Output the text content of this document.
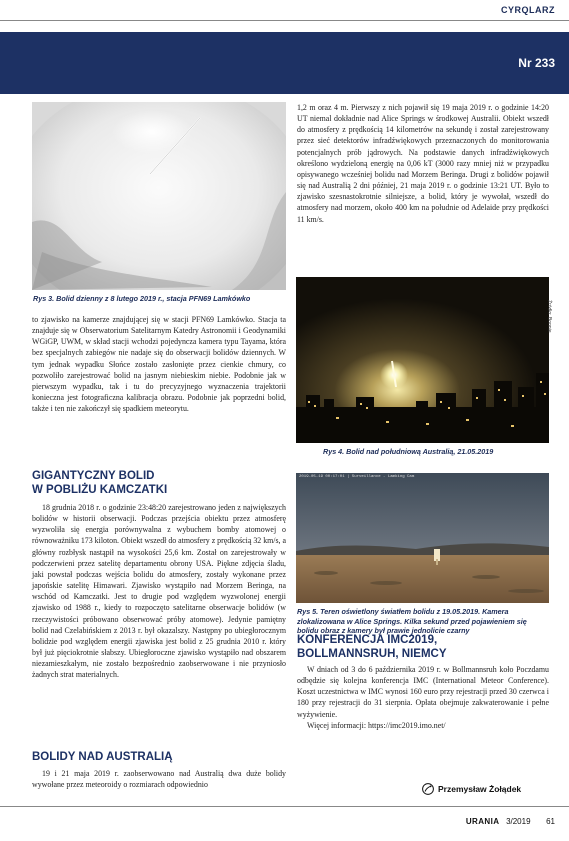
CYRQLARZ
Nr 233

Rys 3. Bolid dzienny z 8 lutego 2019 r., stacja PFN69 Lamkówko

to zjawisko na kamerze znajdującej się w stacji PFN69 Lamkówko. Stacja ta znajduje się w Obserwatorium Satelitarnym Katedry Astronomii i Geodynamiki WGiGP, UWM, w skład stacji wchodzi pojedyncza kamera typu Tayama, która bez specjalnych zabiegów nie nadaje się do obserwacji bolidów dziennych. W tym jednak wypadku Słońce zostało zasłonięte przez cienkie chmury, co pozwoliło zarejestrować bolid na jasnym niebieskim niebie. Podobnie jak w pierwszym wypadku, tak i tu do precyzyjnego wyznaczenia trajektorii konieczna jest fotograficzna kalibracja obrazu. Podobnie jak poprzedni bolid, także i ten nie zakończył się spadkiem meteorytu.

GIGANTYCZNY BOLID
W POBLIŻU KAMCZATKI

18 grudnia 2018 r. o godzinie 23:48:20 zarejestrowano jeden z największych bolidów w historii obserwacji. Podczas przejścia obiektu przez atmosferę wyzwoliła się energia porównywalna z wybuchem bomby atomowej o równoważniku 173 kiloton. Obiekt wszedł do atmosfery z prędkością 32 km/s, a główny rozbłysk nastąpił na wysokości 25,6 km. Został on zarejestrowały w podczerwieni przez satelitę departamentu obrony USA. Piękne zdjęcia śladu, jaki powstał podczas wejścia bolidu do atmosfery, zostały wykonane przez japońskie satelitę Himawari. Zjawisko wystąpiło nad Morzem Beringa, na wschód od Kamczatki. Jest to drugie pod względem wyzwolonej energii zjawisko od 1988 r., kiedy to rozpoczęto satelitarne obserwacje bolidów (w rzeczywistości próbowano obserwować próby atomowe). Jedynie pamiętny bolid nad Czelabińskiem z 2013 r. był okazalszy. Następny po ubiegłorocznym bolidzie pod względem energii zjawiska jest bolid z 25 grudnia 2010 r. który był już pięciokrotnie słabszy. Ubiegłoroczne zjawisko wystąpiło nad obszarem niezamieszkałym, nie zostało bezpośrednio zaobserwowane i nie przyniosło żadnych strat materialnych.

BOLIDY NAD AUSTRALIĄ

19 i 21 maja 2019 r. zaobserwowano nad Australią dwa duże bolidy wywołane przez meteoroidy o rozmiarach odpowiednio

1,2 m oraz 4 m. Pierwszy z nich pojawił się 19 maja 2019 r. o godzinie 14:20 UT niemal dokładnie nad Alice Springs w środkowej Australii. Obiekt wszedł do atmosfery z prędkością 14 kilometrów na sekundę i został zarejestrowany przez sieć detektorów infradźwiękowych przeznaczonych do monitorowania potencjalnych prób jądrowych. Na podstawie danych infradźwiękowych określono wydzieloną energię na 0,06 kT (3000 razy mniej niż w przypadku opisywanego wcześniej bolidu nad Morzem Beringa. Drugi z bolidów pojawił się nad Australią 2 dni później, 21 maja 2019 r. o godzinie 13:21 UT. Było to zjawisko szesnastokrotnie silniejsze, a bolid, który je wywołał, wszedł do atmosfery nad morzem, około 400 km na południe od Adelaide przy prędkości 11 km/s.

Źródło: Bonnie

Rys 4. Bolid nad południową Australią, 21.05.2019

2019-05-19 00:17:01 | Surveillance - Lamking Cam

Rys 5. Teren oświetlony światłem bolidu z 19.05.2019. Kamera zlokalizowana w Alice Springs. Kilka sekund przed pojawieniem się bolidu obraz z kamery był prawie jednolicie czarny

KONFERENCJA IMC2019,
BOLLMANNSRUH, NIEMCY

W dniach od 3 do 6 października 2019 r. w Bollmannsruh koło Poczdamu odbędzie się kolejna konferencja IMC (International Meteor Conference). Koszt uczestnictwa w IMC wynosi 160 euro przy rejestracji przed 30 czerwca i 180 przy rejestracji do 31 sierpnia. Opłata obejmuje zakwaterowanie i pełne wyżywienie.

Więcej informacji: https://imc2019.imo.net/

Przemysław Żołądek
URANIA 3/2019 61
